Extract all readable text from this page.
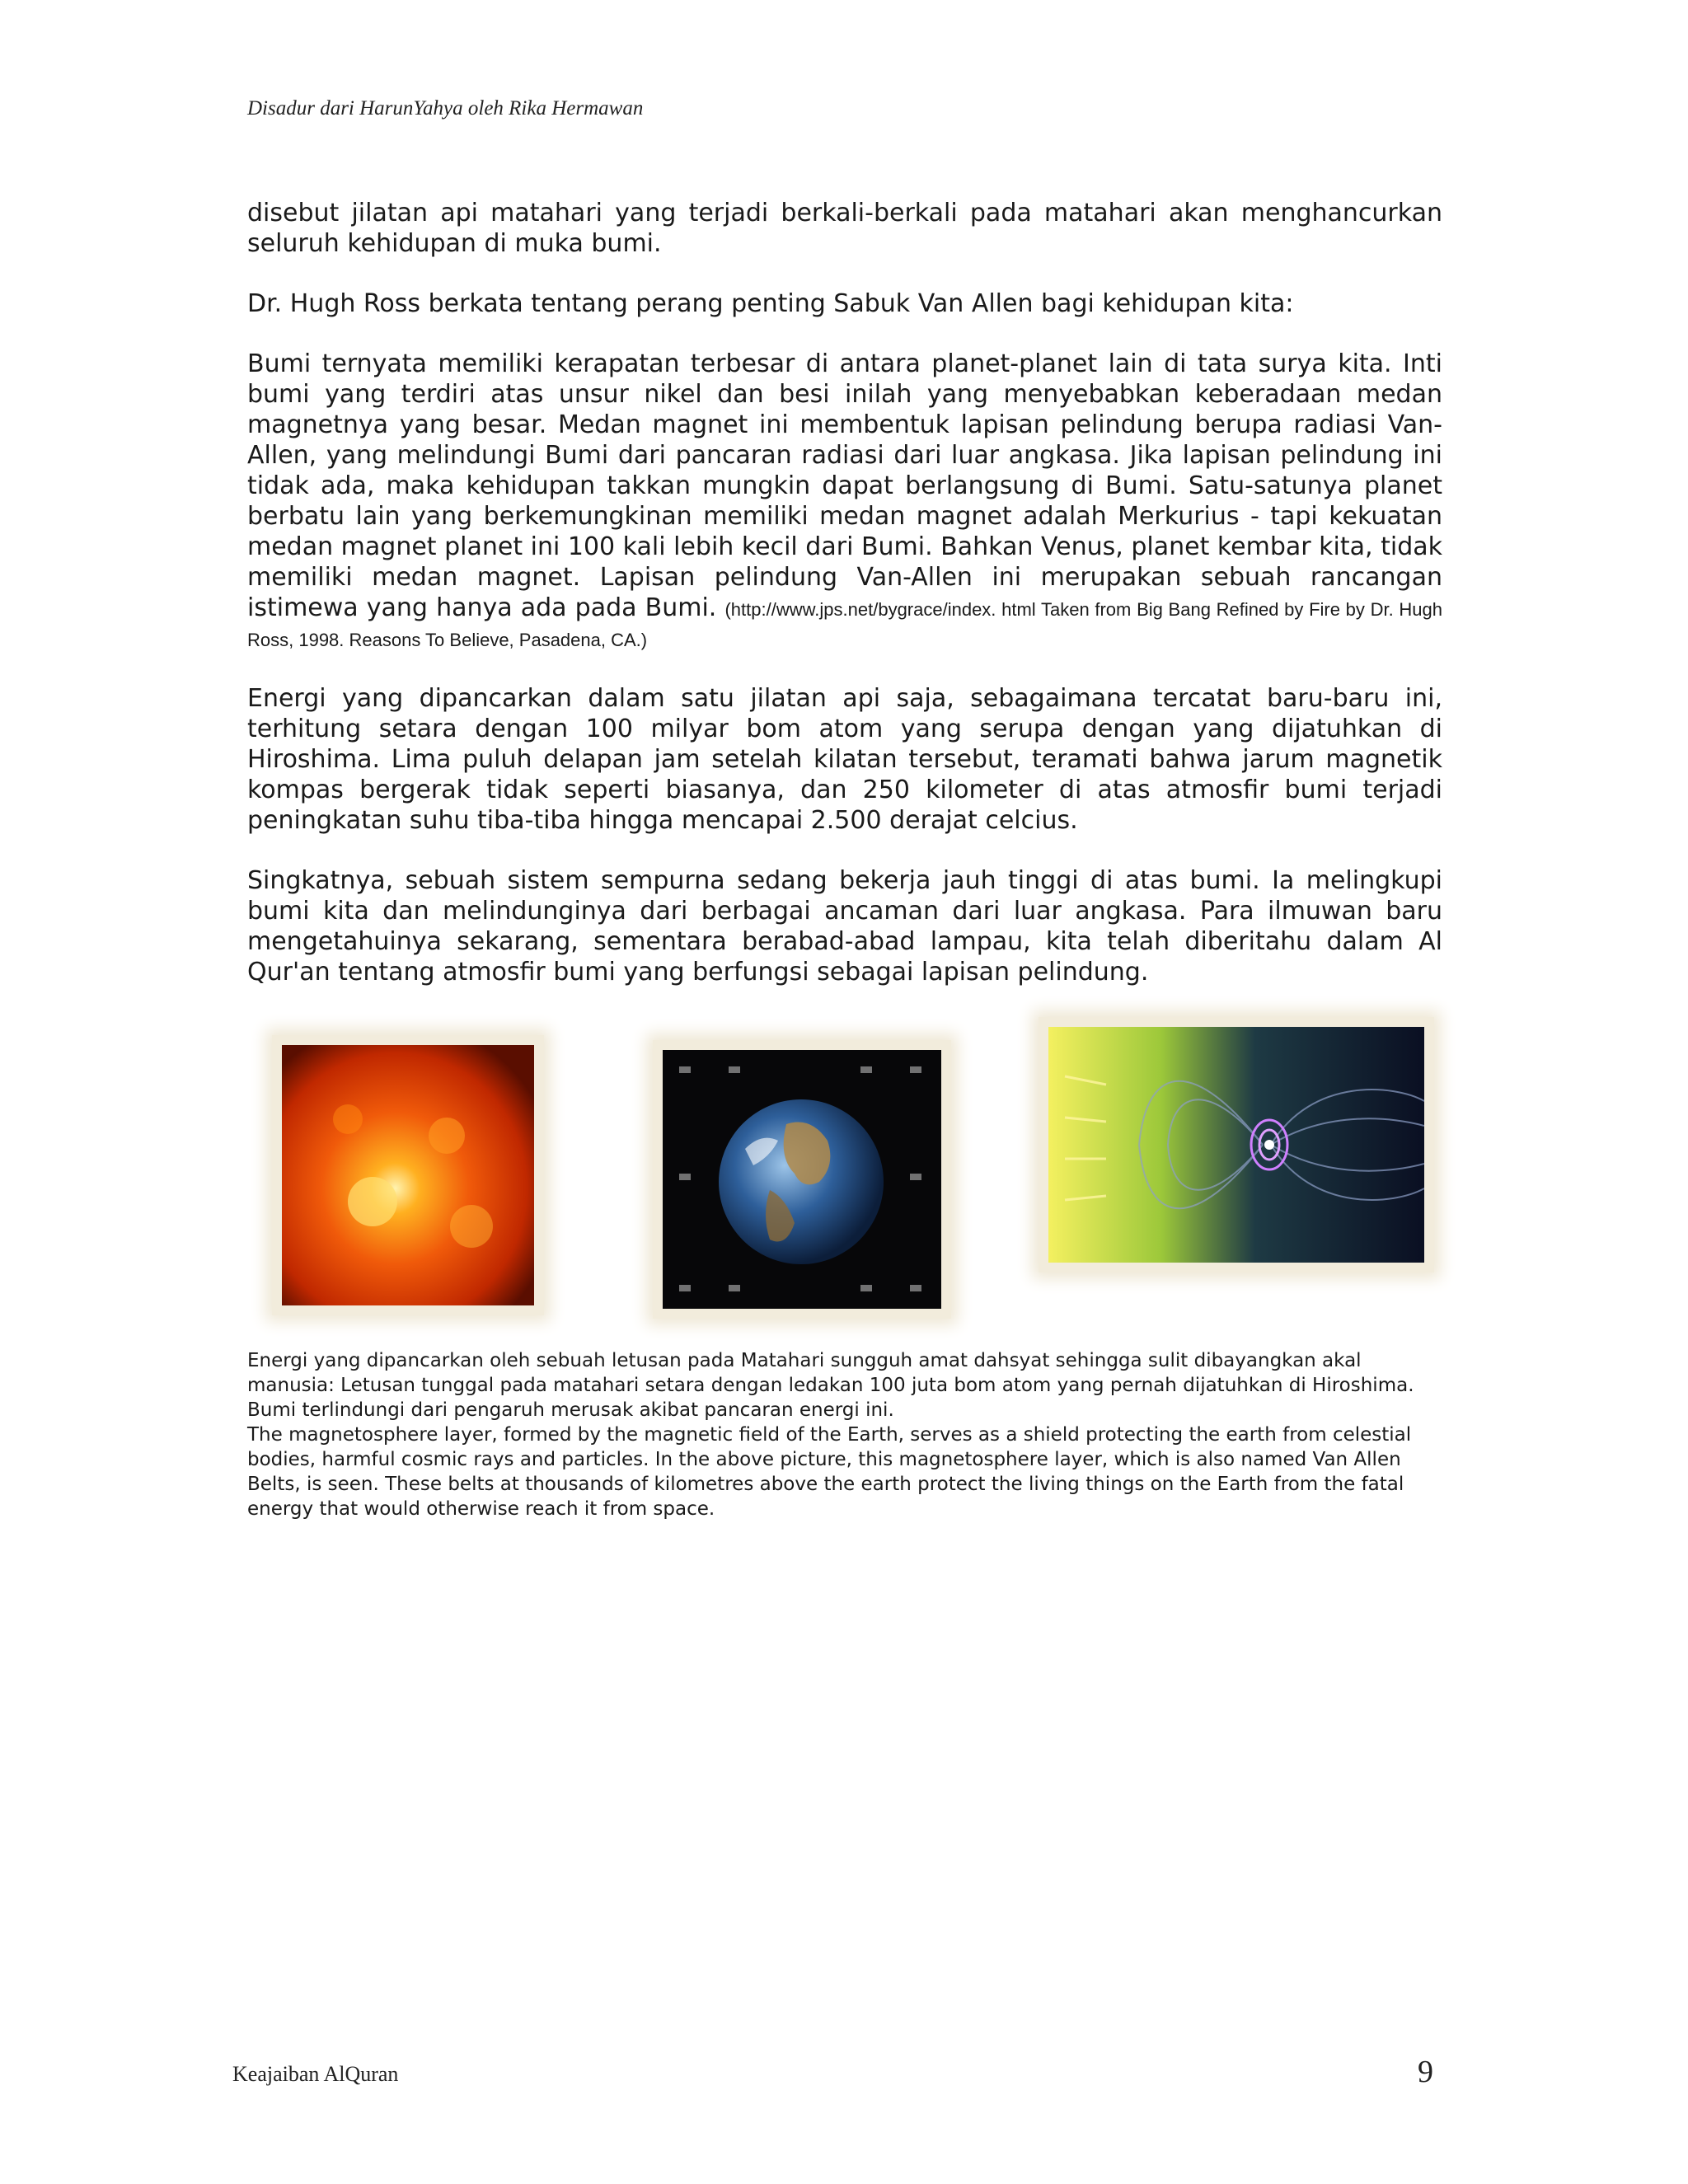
Disadur dari HarunYahya oleh Rika Hermawan

disebut jilatan api matahari yang terjadi berkali-berkali pada matahari akan menghancurkan seluruh kehidupan di muka bumi.

Dr. Hugh Ross berkata tentang perang penting Sabuk Van Allen bagi kehidupan kita:

Bumi ternyata memiliki kerapatan terbesar di antara planet-planet lain di tata surya kita. Inti bumi yang terdiri atas unsur nikel dan besi inilah yang menyebabkan keberadaan medan magnetnya yang besar. Medan magnet ini membentuk lapisan pelindung berupa radiasi Van-Allen, yang melindungi Bumi dari pancaran radiasi dari luar angkasa. Jika lapisan pelindung ini tidak ada, maka kehidupan takkan mungkin dapat berlangsung di Bumi. Satu-satunya planet berbatu lain yang berkemungkinan memiliki medan magnet adalah Merkurius - tapi kekuatan medan magnet planet ini 100 kali lebih kecil dari Bumi. Bahkan Venus, planet kembar kita, tidak memiliki medan magnet. Lapisan pelindung Van-Allen ini merupakan sebuah rancangan istimewa yang hanya ada pada Bumi. (http://www.jps.net/bygrace/index. html Taken from Big Bang Refined by Fire by Dr. Hugh Ross, 1998. Reasons To Believe, Pasadena, CA.)

Energi yang dipancarkan dalam satu jilatan api saja, sebagaimana tercatat baru-baru ini, terhitung setara dengan 100 milyar bom atom yang serupa dengan yang dijatuhkan di Hiroshima. Lima puluh delapan jam setelah kilatan tersebut, teramati bahwa jarum magnetik kompas bergerak tidak seperti biasanya, dan 250 kilometer di atas atmosfir bumi terjadi peningkatan suhu tiba-tiba hingga mencapai 2.500 derajat celcius.

Singkatnya, sebuah sistem sempurna sedang bekerja jauh tinggi di atas bumi. Ia melingkupi bumi kita dan melindunginya dari berbagai ancaman dari luar angkasa. Para ilmuwan baru mengetahuinya sekarang, sementara berabad-abad lampau, kita telah diberitahu dalam Al Qur'an tentang atmosfir bumi yang berfungsi sebagai lapisan pelindung.

Energi yang dipancarkan oleh sebuah letusan pada Matahari sungguh amat dahsyat sehingga sulit dibayangkan akal manusia: Letusan tunggal pada matahari setara dengan ledakan 100 juta bom atom yang pernah dijatuhkan di Hiroshima. Bumi terlindungi dari pengaruh merusak akibat pancaran energi ini.

The magnetosphere layer, formed by the magnetic field of the Earth, serves as a shield protecting the earth from celestial bodies, harmful cosmic rays and particles. In the above picture, this magnetosphere layer, which is also named Van Allen Belts, is seen. These belts at thousands of kilometres above the earth protect the living things on the Earth from the fatal energy that would otherwise reach it from space.

Keajaiban AlQuran	9
